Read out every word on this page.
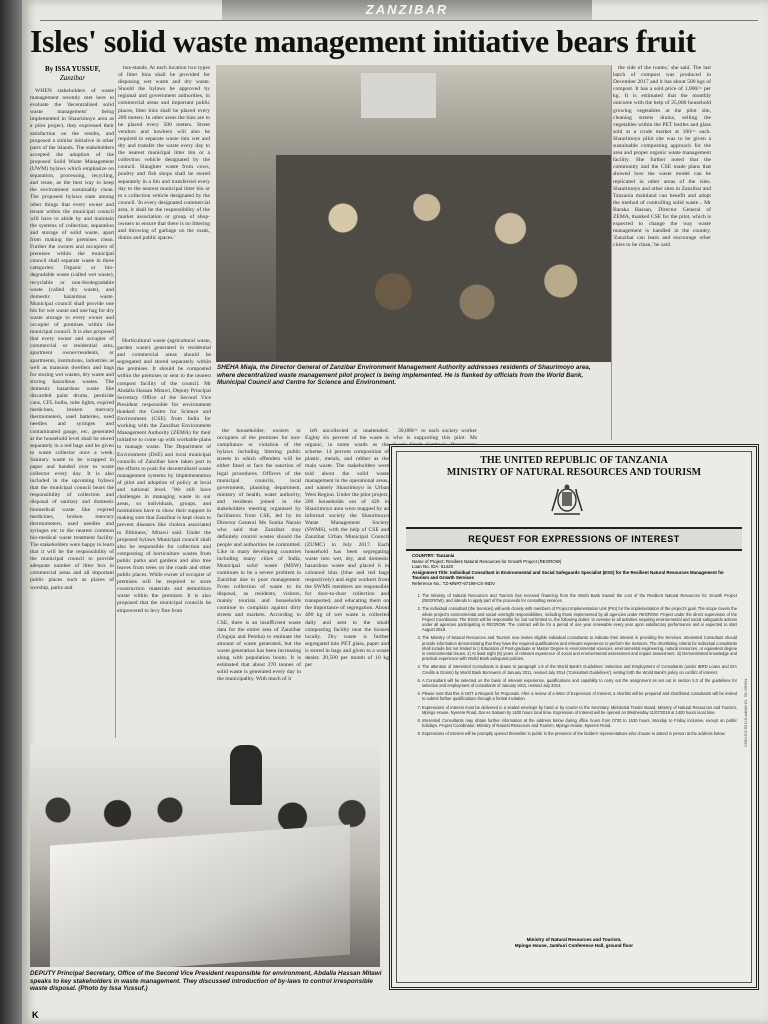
ZANZIBAR
Isles' solid waste management initiative bears fruit
By ISSA YUSSUF,
Zanzibar

WHEN stakeholders of waste management recently met here to evaluate the 'decentralised solid waste management' being implemented in Shaurimoyo area as a pilot project, they expressed their satisfaction on the results, and proposed a similar initiative in other parts of the islands. The stakeholders accepted the adoption of the proposed Solid Waste Management (UWM) bylaws which emphasize on separation, processing, recycling, and reuse, as the best way to keep the environment sustainably clean. The proposed bylaws state among other things that every owner and tenant within the municipal council will have to abide by and maintain the systems of collection, separation and storage of solid waste, apart from making the premises clean. Further the owners and occupiers of premises within the municipal council shall separate waste in three categories: Organic or bio-degradable waste (called wet waste), recyclable or non-biodegradable waste (called dry waste), and domestic hazardous waste. Municipal council shall provide one bin for wet waste and one bag for dry waste storage to every owner and occupier of premises within the municipal council. It is also proposed that every owner and occupier of commercial or residential area, apartment owner/residents, or apartments, institutions, industries as well as mansion dwellers and bags for storing wet wastes, dry waste and storing hazardous wastes. The domestic hazardous waste like discarded paint drums, pesticide cans, CFL bulbs, tube lights, expired medicines, broken mercury thermometers, used batteries, used needles and syringes and contaminated gauge, etc, generated at the household level shall be stored separately in a red bags and be given to waste collector once a week. Sanitary waste to be wrapped in paper and handed over to waste collector every day. It is also included in the upcoming bylaws that the municipal council bears the responsibility of collection and disposal of sanitary and domestic biomedical waste like expired medicines, broken mercury thermometers, used needles and syringes etc to the nearest common bio-medical waste treatment facility. The stakeholders were happy to learn that it will be the responsibility of the municipal council to provide adequate number of litter box in commercial areas and all important public places such as places of worship, parks and

bus-stands. At each location two types of litter bins shall be provided for disposing wet waste and dry waste. Should the bylaws be approved by regional and government authorities, in commercial areas and important public places, litter bins shall be placed every 200 meters. In other areas the bins are to be placed every 500 meters. Street vendors and hawkers will also be required to separate waste into wet and dry and transfer the waste every day to the nearest municipal litter bin or a collection vehicle designated by the council. Slaughter waste from cows, poultry and fish shops shall be stored separately in a bin and transferred every day to the nearest municipal litter bin or to a collection vehicle designated by the council. 'In every designated commercial area, it shall be the responsibility of the market association or group of shop-owners to ensure that there is no littering and throwing of garbage on the roads, drains and public spaces.'

Horticultural waste (agricultural waste, garden waste) generated in residential and commercial areas should be segregated and stored separately within the premises. It should be composted within the premises or sent to the nearest compost facility of the council. Mr Abdalla Hassan Mitawi, Deputy Principal Secretary Office of the Second Vice President responsible for environment thanked the Centre for Science and Environment (CSE) from India for working with the Zanzibar Environment Management Authority (ZEMA) for their initiative to come up with workable plans to manage waste. The Department of Environment (DoE) and local municipal councils of Zanzibar have taken part in the efforts to push for decentralised waste management systems by implementation of pilot and adoption of policy at local and national level. 'We still have challenges in managing waste in our areas, so individuals, groups, and institutions have to show their support in making sure that Zanzibar is kept clean to prevent diseases like cholera associated to filthiness,' Mitawi said. Under the proposed bylaws Municipal council shall also be responsible for collection and composting of horticulture wastes from public parks and gardens and also tree leaves from trees on the roads and other public places. While owner of occupier of premises will be required to store construction materials and demolition waste within the premises. It is also proposed that the municipal councils be empowered to levy fine from

the side of the routes,' she said. The last batch of compost was produced in December 2017 and it has about 500 kgs of compost. It has a sold price of 1,000/= per kg. It is estimated that the monthly outcome with the help of 25,000 household growing vegetables at the pilot site, cleaning streets drains, selling the vegetables within the PET bottles and glass sold at a crude market at 100/= each. Shaurimoyo pilot site was to be given a sustainable composting approach for the area and proper organic waste management facility. She further noted that the community and the CSE made plans that showed how the waste model can be replicated in other areas of the isles. Shaurimoyo and other sites in Zanzibar and Tanzania mainland can benefit and adopt the method of controlling solid waste... Mr Baraka Hassan, Director General of ZEMA, thanked CSE for the pilot, which is expected to change the way waste management is handled in the country. 'Zanzibar can learn and encourage other cities to be clean,' he said.

SHEHA Miaja, the Director General of Zanzibar Environment Management Authority addresses residents of Shaurimoyo area, where decentralized waste management pilot project is being implemented. He is flanked by officials from the World Bank, Municipal Council and Centre for Science and Environment.

the householder, owners or occupiers of the premises for non-compliance or violation of the bylaws including littering public streets in which offenders will be either fined or face the sanction of legal procedures. Officers of the municipal councils, local government, planning department, ministry of health, water authority, and residents joined in the stakeholders meeting organised by facilitators from CSE, led by its Director General Ms Sunita Narain who said that Zanzibar may definitely control wastes should the people and authorities be committed. Like in many developing countries including many cities of India, Municipal solid waste (MSW) continues to be a severe problem in Zanzibar due to poor management. From collection of waste to its disposal, as residents, visitors, mainly tourists and households continue to complain against dirty streets and markets. According to CSE, there is an insufficient waste data for the entire area of Zanzibar (Unguja and Pemba) to estimate the amount of waste generated, but the waste generation has been increasing along with population boom. It is estimated that about 270 tonnes of solid waste is generated every day in the municipality. With much of it

left uncollected or unattended. Eighty six percent of the waste is organic, in some wards as the scheme. 14 percent composition of plastic, metals, and rubber as the main waste. The stakeholders were told about the solid waste management in the operational areas, and namely Shaurimoyo in Urban West Region. Under the pilot project, 200 households out of 426 in Shaurimoyo area were mapped by an informal society the Shaurimoyo Waste Management Society (SWMS), with the help of CSE and Zanzibar Urban Municipal Council (ZUMC) in July 2017. Each household has been segregating waste into wet, dry, and domestic hazardous waste and placed it in coloured bins (blue and red bags respectively) and eight workers from the SWMS members are responsible for door-to-door collection and transported, and educating them on the importance of segregation. About 400 kg of wet waste is collected daily and sent to the small composting facility near the houses locally. Dry waste is further segregated into PET glass, paper and is stored in bags and given to a waste dealer. 20,500 per month of 10 kg per

30,000/= to each society worker who is supporting this pilot. Ms

DEPUTY Principal Secretary, Office of the Second Vice President responsible for environment, Abdalla Hassan Mitawi speaks to key stakeholders in waste management. They discussed introduction of by-laws to control irresponsible waste disposal. (Photo by Issa Yussuf.)
THE UNITED REPUBLIC OF TANZANIA
MINISTRY OF NATURAL RESOURCES AND TOURISM
REQUEST FOR EXPRESSIONS OF INTEREST
COUNTRY: Tanzania
Name of Project: Resilient Natural Resources for Growth Project (REGROW)
Loan No. IDA: 61420
Assignment Title: Individual Consultant in Environmental and Social Safeguards Specialist (ESS) for the Resilient Natural Resources Management for Tourism and Growth Services
Reference No.: TZ-MNRT-67199-CS-INDV
1. The Ministry of Natural Resources and Tourism has received financing from the World Bank toward the cost of the Resilient Natural Resources for Growth Project (REGROW), and intends to apply part of the proceeds for consulting services.
2. The individual consultant (the Services) will work closely with members of Project Implementation Unit (PIU) for the implementation of the project's goal. The scope covers the whole project's environmental and social oversight responsibilities, including those implemented by all agencies under REGROW. Project under the direct supervision of the Project Coordinator. The ESSS will be responsible for, but not limited to, the following duties: to oversee to all activities requiring environmental and social safeguards actions under all agencies participating in REGROW. The contract will be for a period of one year renewable every year upon satisfactory performance and is expected to start August 2018.
3. The Ministry of Natural Resources and Tourism now invites eligible individual consultants to indicate their interest in providing the Services. Interested Consultant should provide information demonstrating that they have the required qualifications and relevant experience to perform the Services. The shortlisting criteria for individual consultants shall include but not limited to i) Education of Post-graduate or Master Degree in environmental sciences, environmental engineering, natural resources, or equivalent degree in environmental issues. ii) At least eight (8) years of relevant experience of social and environmental assessment and impact assessment. iii) Demonstrated knowledge and practical experience with World Bank safeguard policies.
4. The attention of interested Consultants is drawn to paragraph 1.9 of the World Bank's Guidelines: Selection and Employment of Consultants (under IBRD Loans and IDA Credits & Grants) by World Bank Borrowers of January 2011, revised July 2014 ('Consultant Guidelines'), setting forth the World Bank's policy on conflict of interest.
5. A Consultant will be selected on the basis of relevant experience, qualifications and capability to carry out the assignment as set out in section 5.3 of the guidelines for selection and employment of consultants of January 2011, revised July 2014.
6. Please note that this is NOT a Request for Proposals. After a review of a letter of Expression of Interest, a shortlist will be prepared and shortlisted consultants will be invited to submit further qualifications through a formal invitation.
7. Expressions of interest must be delivered in a sealed envelope by hand or by courier to the Secretary, Ministerial Tender Board, Ministry of Natural Resources and Tourism, Mpingo House, Nyerere Road, Dar es Salaam by 1400 hours local time. Expression of Interest will be opened on Wednesday 11/07/2018 at 1400 hours local time.
8. Interested Consultants may obtain further information at the address below during office hours from 0730 to 1530 hours, Monday to Friday inclusive, except on public holidays. Project Coordinator, Ministry of Natural Resources and Tourism, Mpingo House, Nyerere Road.
9. Expressions of Interest will be promptly opened thereafter in public in the presence of the bidders' representatives who choose to attend in person at the address below.
Ministry of Natural Resources and Tourism,
Mpingo House, Jamhuri Conference Hall, ground floor
Tender No. TZ-MNRT-67199-CS-INDV
K
